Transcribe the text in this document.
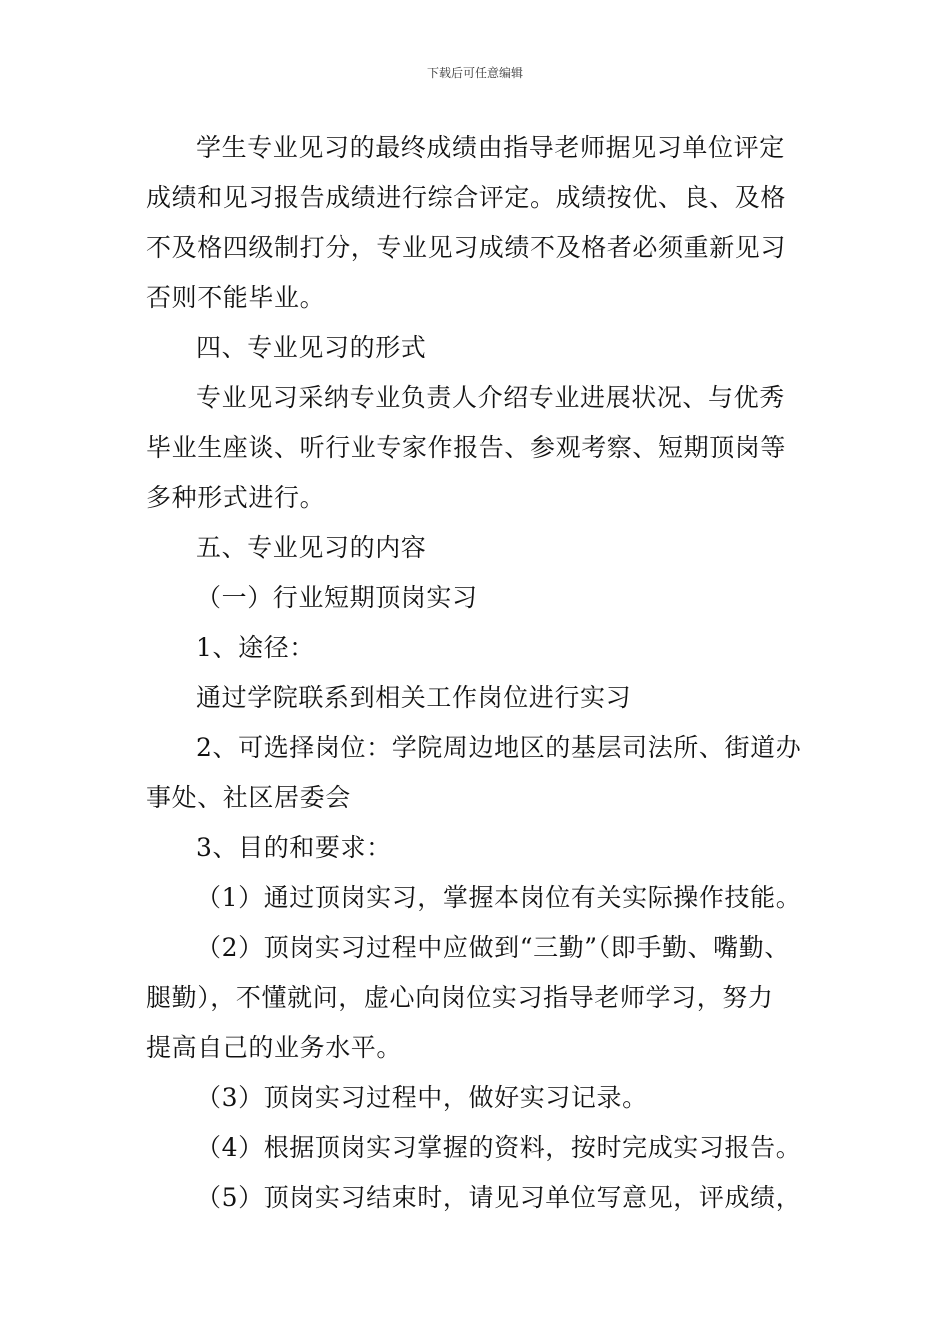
下载后可任意编辑
学生专业见习的最终成绩由指导老师据见习单位评定
成绩和见习报告成绩进行综合评定。成绩按优、良、及格
不及格四级制打分，专业见习成绩不及格者必须重新见习
否则不能毕业。
四、专业见习的形式
专业见习采纳专业负责人介绍专业进展状况、与优秀
毕业生座谈、听行业专家作报告、参观考察、短期顶岗等
多种形式进行。
五、专业见习的内容
（一）行业短期顶岗实习
1、途径：
通过学院联系到相关工作岗位进行实习
2、可选择岗位：学院周边地区的基层司法所、街道办
事处、社区居委会
3、目的和要求：
（1）通过顶岗实习，掌握本岗位有关实际操作技能。
（2）顶岗实习过程中应做到“三勤”（即手勤、嘴勤、
腿勤），不懂就问，虚心向岗位实习指导老师学习，努力
提高自己的业务水平。
（3）顶岗实习过程中，做好实习记录。
（4）根据顶岗实习掌握的资料，按时完成实习报告。
（5）顶岗实习结束时，请见习单位写意见，评成绩，
